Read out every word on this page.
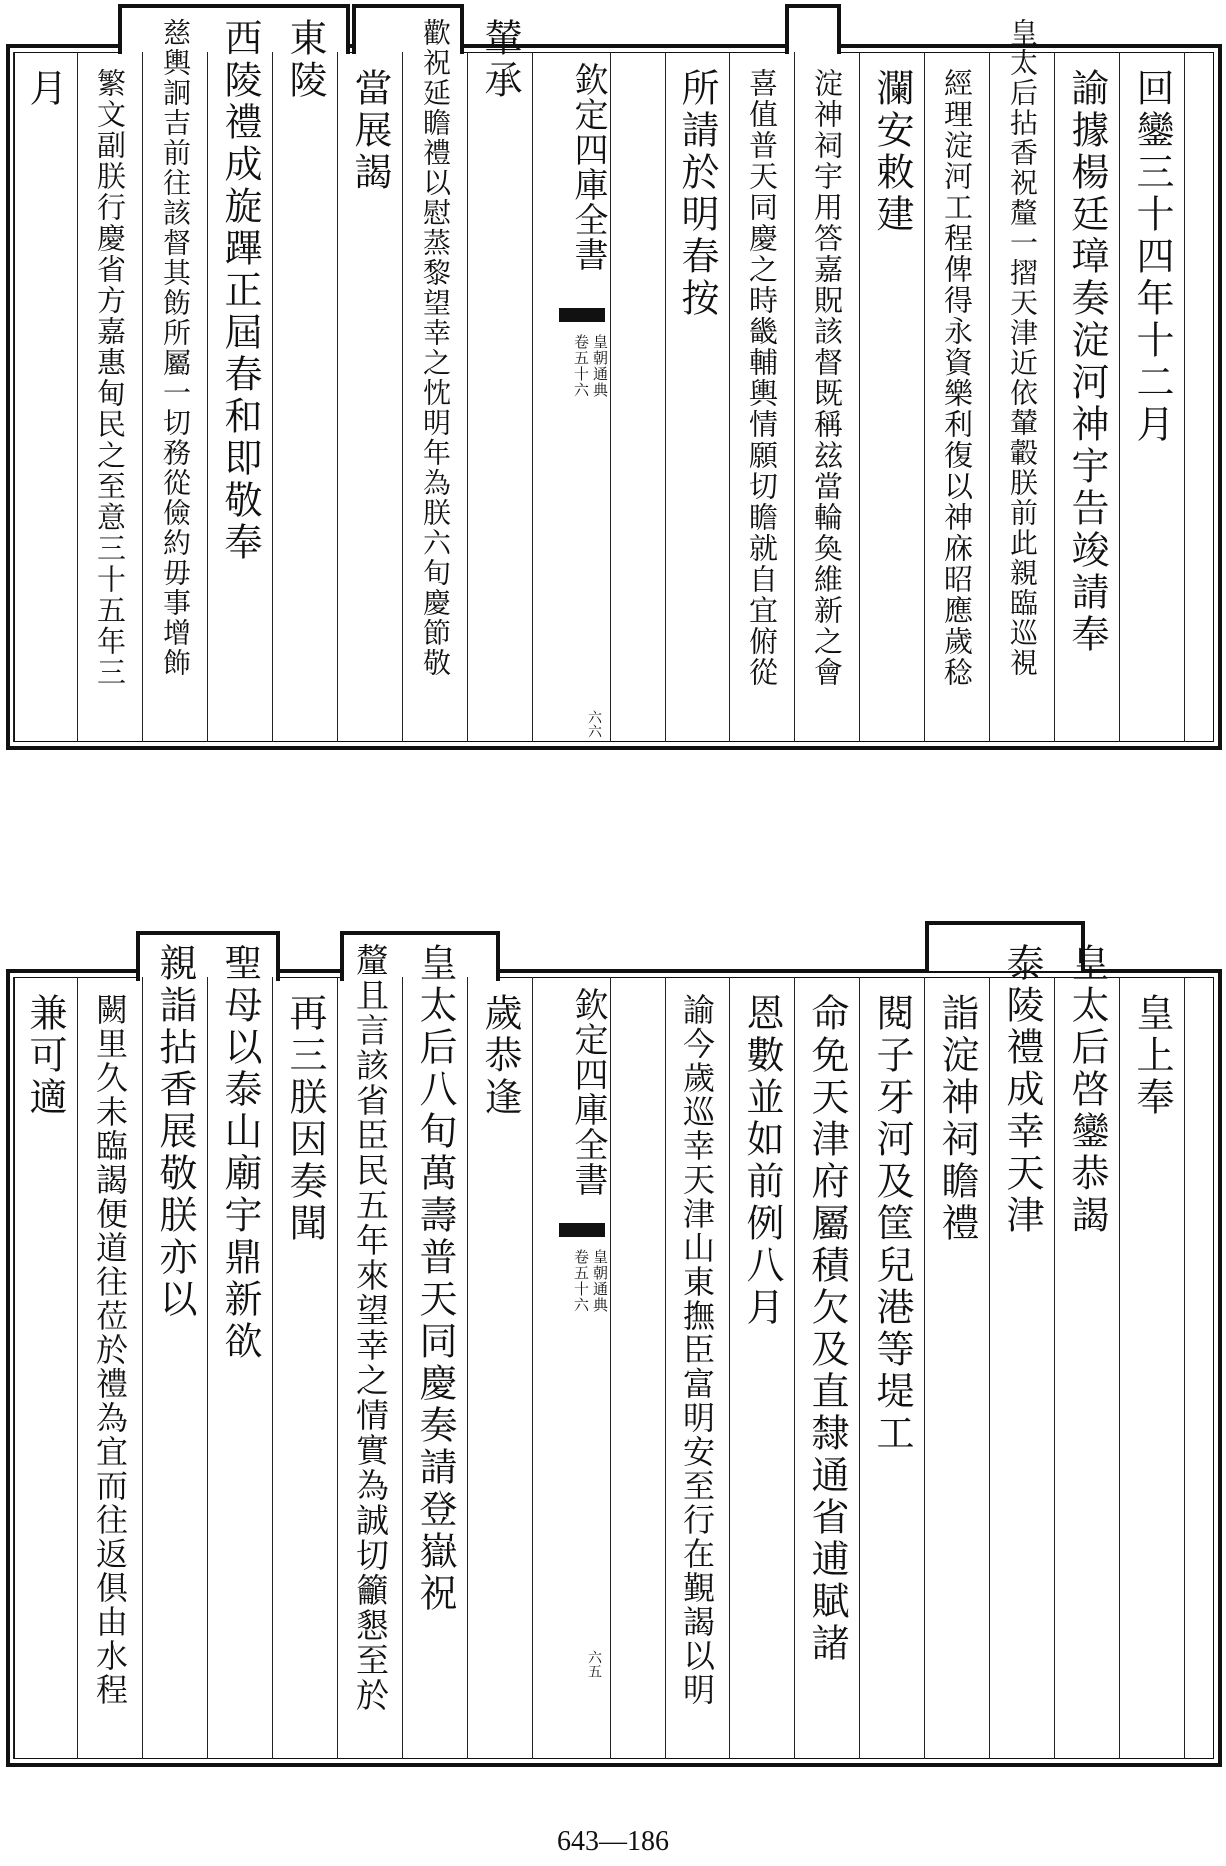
回鑾三十四年十二月
諭據楊廷璋奏淀河神宇告竣請奉
皇太后拈香祝釐一摺天津近依輦轂朕前此親臨巡視
經理淀河工程俾得永資樂利復以神庥昭應歲稔
瀾安敕建
淀神祠宇用答嘉貺該督既稱玆當輪奐維新之會
喜值普天同慶之時畿輔輿情願切瞻就自宜俯從
所請於明春按
輦承
歡祝延瞻禮以慰蒸黎望幸之忱明年為朕六旬慶節敬
當展謁
東陵
西陵禮成旋蹕正屆春和即敬奉
慈輿詗吉前往該督其飭所屬一切務從儉約毋事增飾
繁文副朕行慶省方嘉惠甸民之至意三十五年三
月	欽定四庫全書
皇朝通典
卷五十六
六六
皇上奉
皇太后啓鑾恭謁
泰陵禮成幸天津
詣淀神祠瞻禮
閱子牙河及筐兒港等堤工
命免天津府屬積欠及直隸通省逋賦諸
恩數並如前例八月
諭今歲巡幸天津山東撫臣富明安至行在覲謁以明
歲恭逢
皇太后八旬萬壽普天同慶奏請登嶽祝
釐且言該省臣民五年來望幸之情實為誠切籲懇至於
再三朕因奏聞
聖母以泰山廟宇鼎新欲
親詣拈香展敬朕亦以
闕里久未臨謁便道往莅於禮為宜而往返俱由水程
兼可適	欽定四庫全書
皇朝通典
卷五十六
六五
643—186
